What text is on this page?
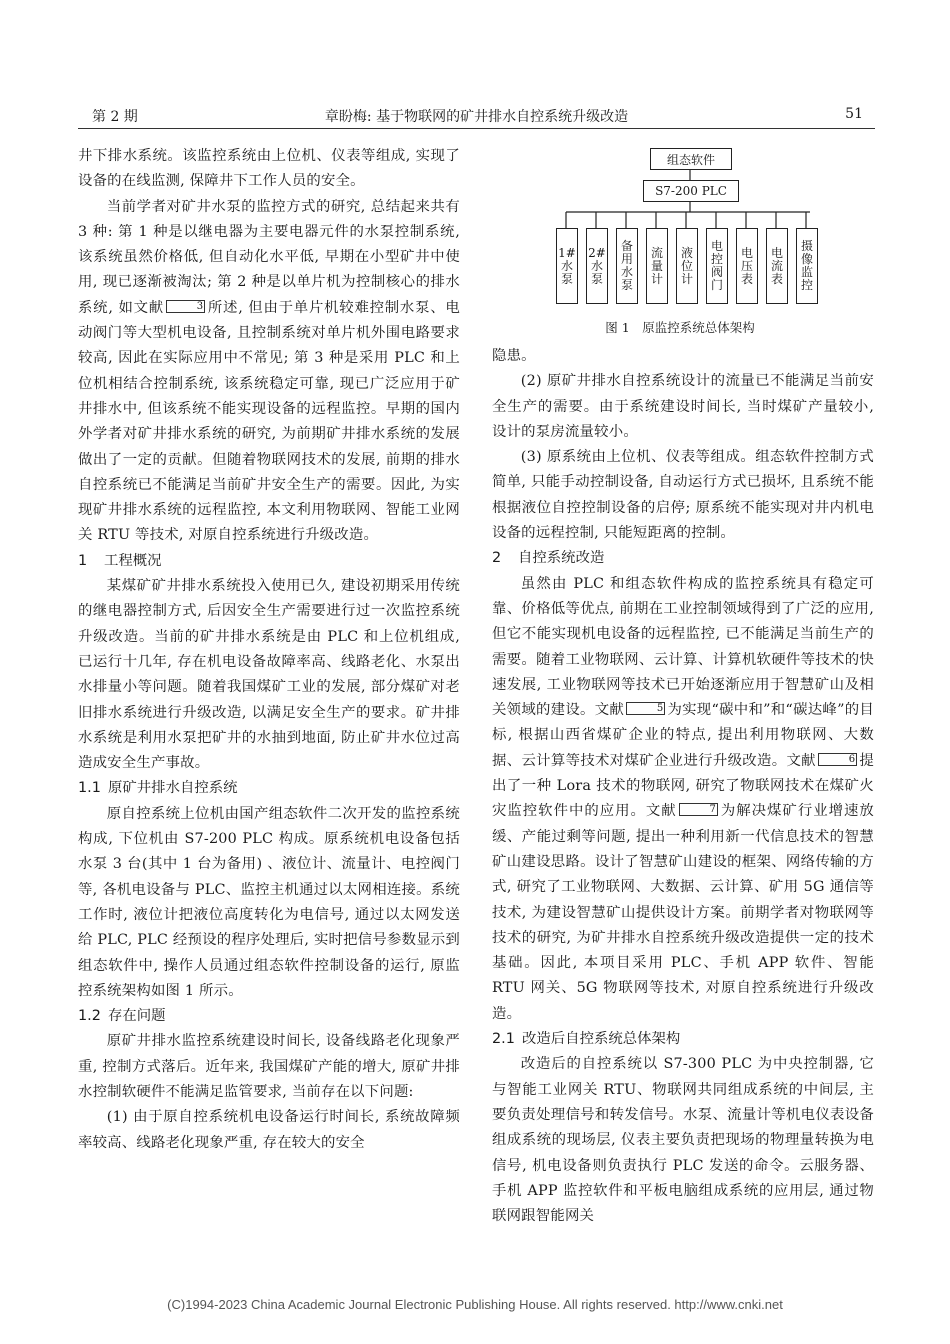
第 2 期	章盼梅: 基于物联网的矿井排水自控系统升级改造	51

井下排水系统。该监控系统由上位机、仪表等组成, 实现了设备的在线监测, 保障井下工作人员的安全。

当前学者对矿井水泵的监控方式的研究, 总结起来共有 3 种: 第 1 种是以继电器为主要电器元件的水泵控制系统, 该系统虽然价格低, 但自动化水平低, 早期在小型矿井中使用, 现已逐渐被淘汰; 第 2 种是以单片机为控制核心的排水系统, 如文献	3 所述, 但由于单片机较难控制水泵、电动阀门等大型机电设备, 且控制系统对单片机外围电路要求较高, 因此在实际应用中不常见; 第 3 种是采用 PLC 和上位机相结合控制系统, 该系统稳定可靠, 现已广泛应用于矿井排水中, 但该系统不能实现设备的远程监控。早期的国内外学者对矿井排水系统的研究, 为前期矿井排水系统的发展做出了一定的贡献。但随着物联网技术的发展, 前期的排水自控系统已不能满足当前矿井安全生产的需要。因此, 为实现矿井排水系统的远程监控, 本文利用物联网、智能工业网关 RTU 等技术, 对原自控系统进行升级改造。

1 工程概况

某煤矿矿井排水系统投入使用已久, 建设初期采用传统的继电器控制方式, 后因安全生产需要进行过一次监控系统升级改造。当前的矿井排水系统是由 PLC 和上位机组成, 已运行十几年, 存在机电设备故障率高、线路老化、水泵出水排量小等问题。随着我国煤矿工业的发展, 部分煤矿对老旧排水系统进行升级改造, 以满足安全生产的要求。矿井排水系统是利用水泵把矿井的水抽到地面, 防止矿井水位过高造成安全生产事故。

1.1 原矿井排水自控系统

原自控系统上位机由国产组态软件二次开发的监控系统构成, 下位机由 S7-200 PLC 构成。原系统机电设备包括水泵 3 台(其中 1 台为备用) 、液位计、流量计、电控阀门等, 各机电设备与 PLC、监控主机通过以太网相连接。系统工作时, 液位计把液位高度转化为电信号, 通过以太网发送给 PLC, PLC 经预设的程序处理后, 实时把信号参数显示到组态软件中, 操作人员通过组态软件控制设备的运行, 原监控系统架构如图 1 所示。

1.2 存在问题

原矿井排水监控系统建设时间长, 设备线路老化现象严重, 控制方式落后。近年来, 我国煤矿产能的增大, 原矿井排水控制软硬件不能满足监管要求, 当前存在以下问题:

(1) 由于原自控系统机电设备运行时间长, 系统故障频率较高、线路老化现象严重, 存在较大的安全

组态软件
S7-200 PLC
1#水泵
2#水泵
备用水泵
流量计
液位计
电控阀门
电压表
电流表
摄像监控
图 1　原监控系统总体架构

隐患。

(2) 原矿井排水自控系统设计的流量已不能满足当前安全生产的需要。由于系统建设时间长, 当时煤矿产量较小, 设计的泵房流量较小。

(3) 原系统由上位机、仪表等组成。组态软件控制方式简单, 只能手动控制设备, 自动运行方式已损坏, 且系统不能根据液位自控控制设备的启停; 原系统不能实现对井内机电设备的远程控制, 只能短距离的控制。

2 自控系统改造

虽然由 PLC 和组态软件构成的监控系统具有稳定可靠、价格低等优点, 前期在工业控制领域得到了广泛的应用, 但它不能实现机电设备的远程监控, 已不能满足当前生产的需要。随着工业物联网、云计算、计算机软硬件等技术的快速发展, 工业物联网等技术已开始逐渐应用于智慧矿山及相关领域的建设。文献	5 为实现“碳中和”和“碳达峰”的目标, 根据山西省煤矿企业的特点, 提出利用物联网、大数据、云计算等技术对煤矿企业进行升级改造。文献	6 提出了一种 Lora 技术的物联网, 研究了物联网技术在煤矿火灾监控软件中的应用。文献	7 为解决煤矿行业增速放缓、产能过剩等问题, 提出一种利用新一代信息技术的智慧矿山建设思路。设计了智慧矿山建设的框架、网络传输的方式, 研究了工业物联网、大数据、云计算、矿用 5G 通信等技术, 为建设智慧矿山提供设计方案。前期学者对物联网等技术的研究, 为矿井排水自控系统升级改造提供一定的技术基础。因此, 本项目采用 PLC、手机 APP 软件、智能 RTU 网关、5G 物联网等技术, 对原自控系统进行升级改造。

2.1 改造后自控系统总体架构

改造后的自控系统以 S7-300 PLC 为中央控制器, 它与智能工业网关 RTU、物联网共同组成系统的中间层, 主要负责处理信号和转发信号。水泵、流量计等机电仪表设备组成系统的现场层, 仪表主要负责把现场的物理量转换为电信号, 机电设备则负责执行 PLC 发送的命令。云服务器、手机 APP 监控软件和平板电脑组成系统的应用层, 通过物联网跟智能网关

(C)1994-2023 China Academic Journal Electronic Publishing House. All rights reserved. http://www.cnki.net
